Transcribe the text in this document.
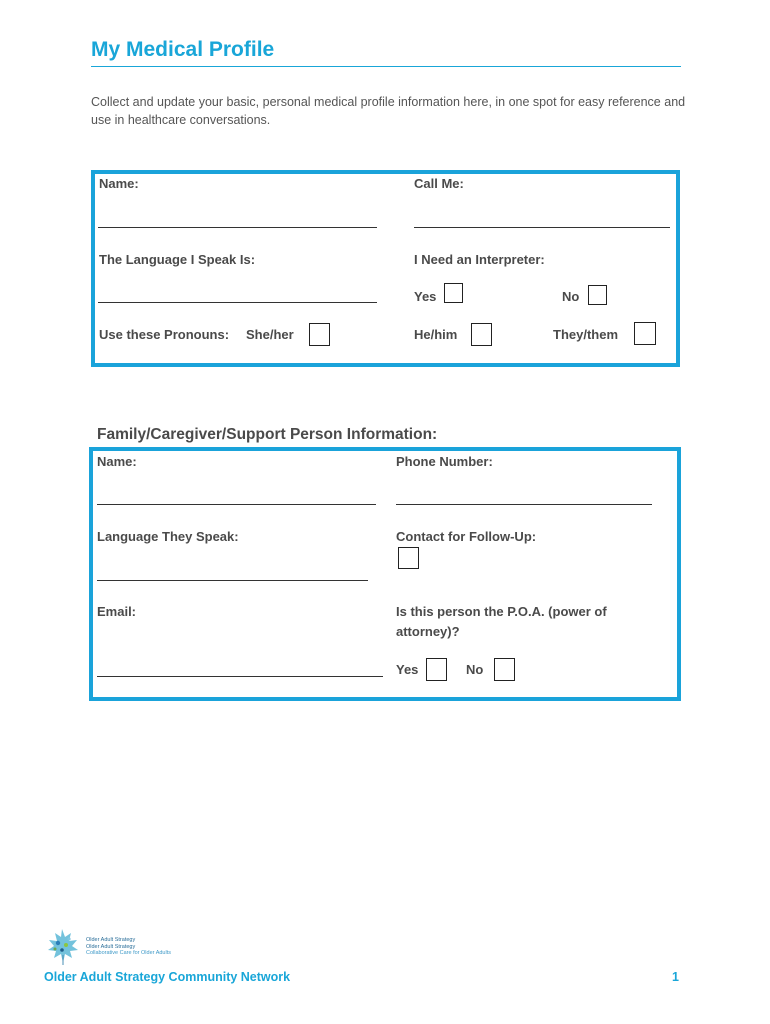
My Medical Profile
Collect and update your basic, personal medical profile information here, in one spot for easy reference and use in healthcare conversations.
Name:	Call Me:
The Language I Speak Is:	I Need an Interpreter:
Yes	No
Use these Pronouns: She/her	He/him	They/them
Family/Caregiver/Support Person Information:
Name:	Phone Number:
Language They Speak:	Contact for Follow-Up:
Email:	Is this person the P.O.A. (power of
attorney)?
Yes	No
Older Adult Strategy
Older Adult Strategy
Collaborative Care for Older Adults
Older Adult Strategy Community Network	1
